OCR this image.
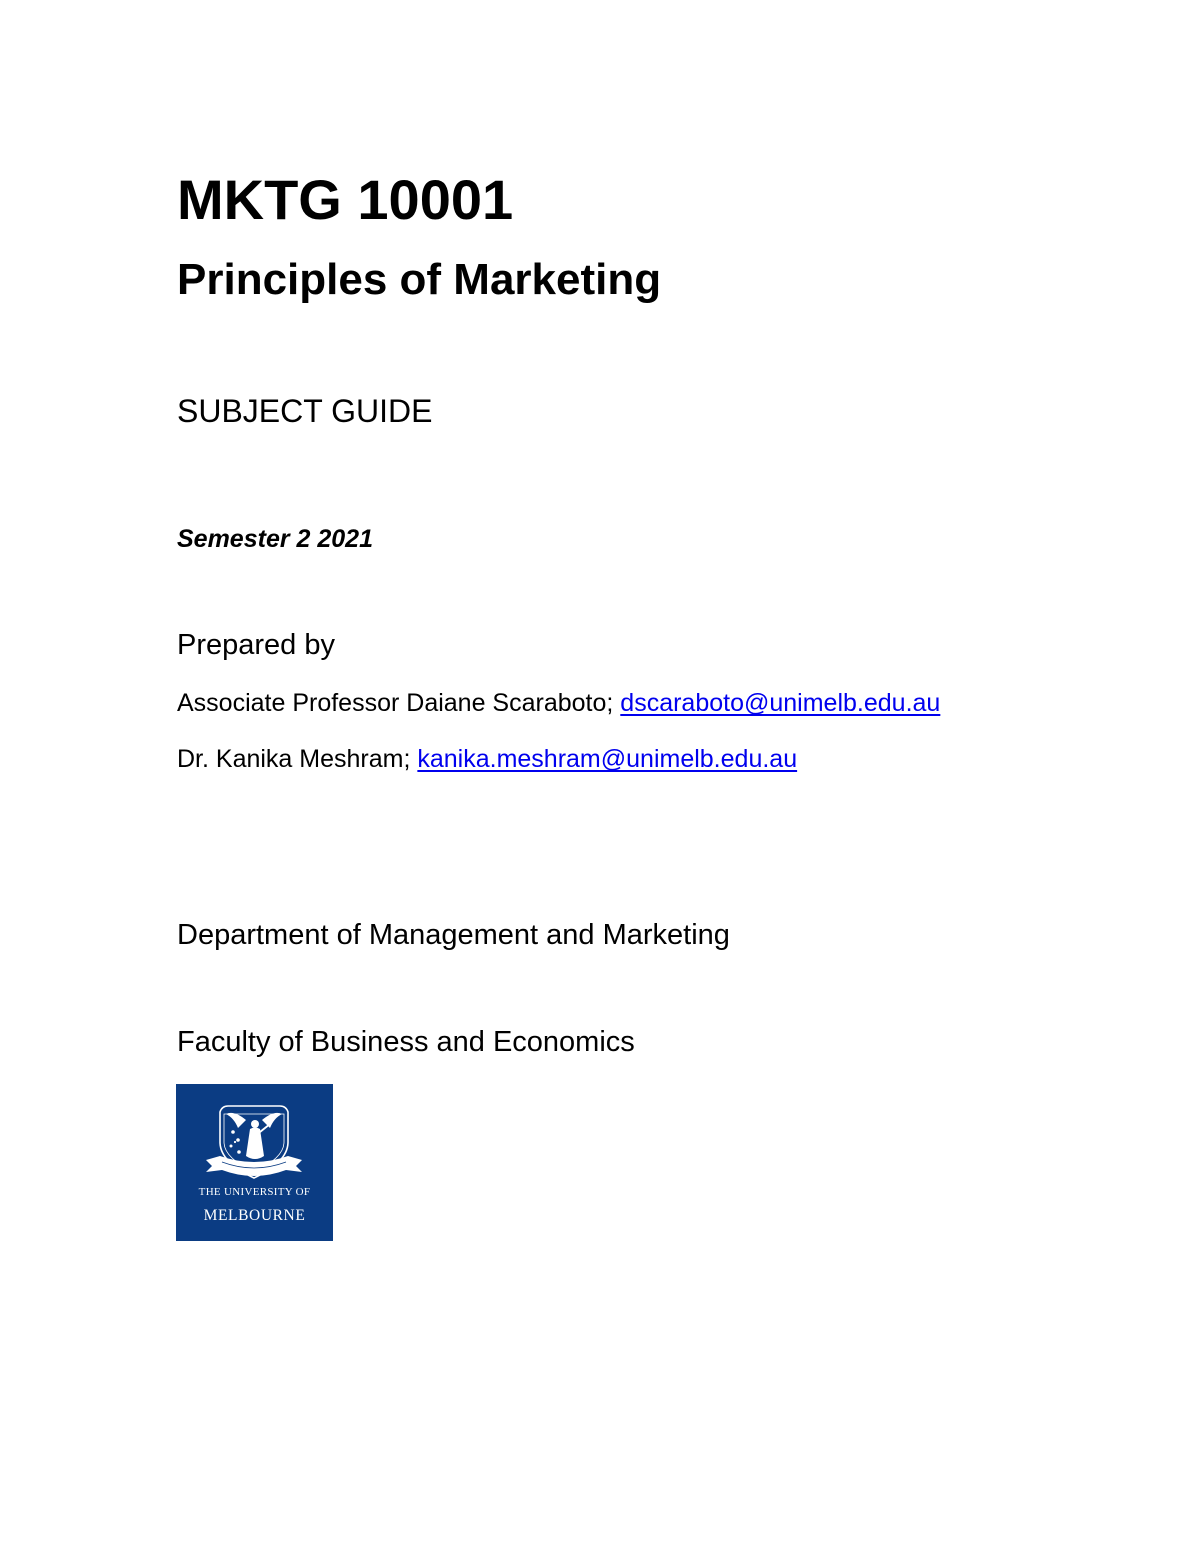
MKTG 10001
Principles of Marketing
SUBJECT GUIDE
Semester 2 2021
Prepared by
Associate Professor Daiane Scaraboto; dscaraboto@unimelb.edu.au
Dr. Kanika Meshram; kanika.meshram@unimelb.edu.au
Department of Management and Marketing
Faculty of Business and Economics
THE UNIVERSITY OF
MELBOURNE
